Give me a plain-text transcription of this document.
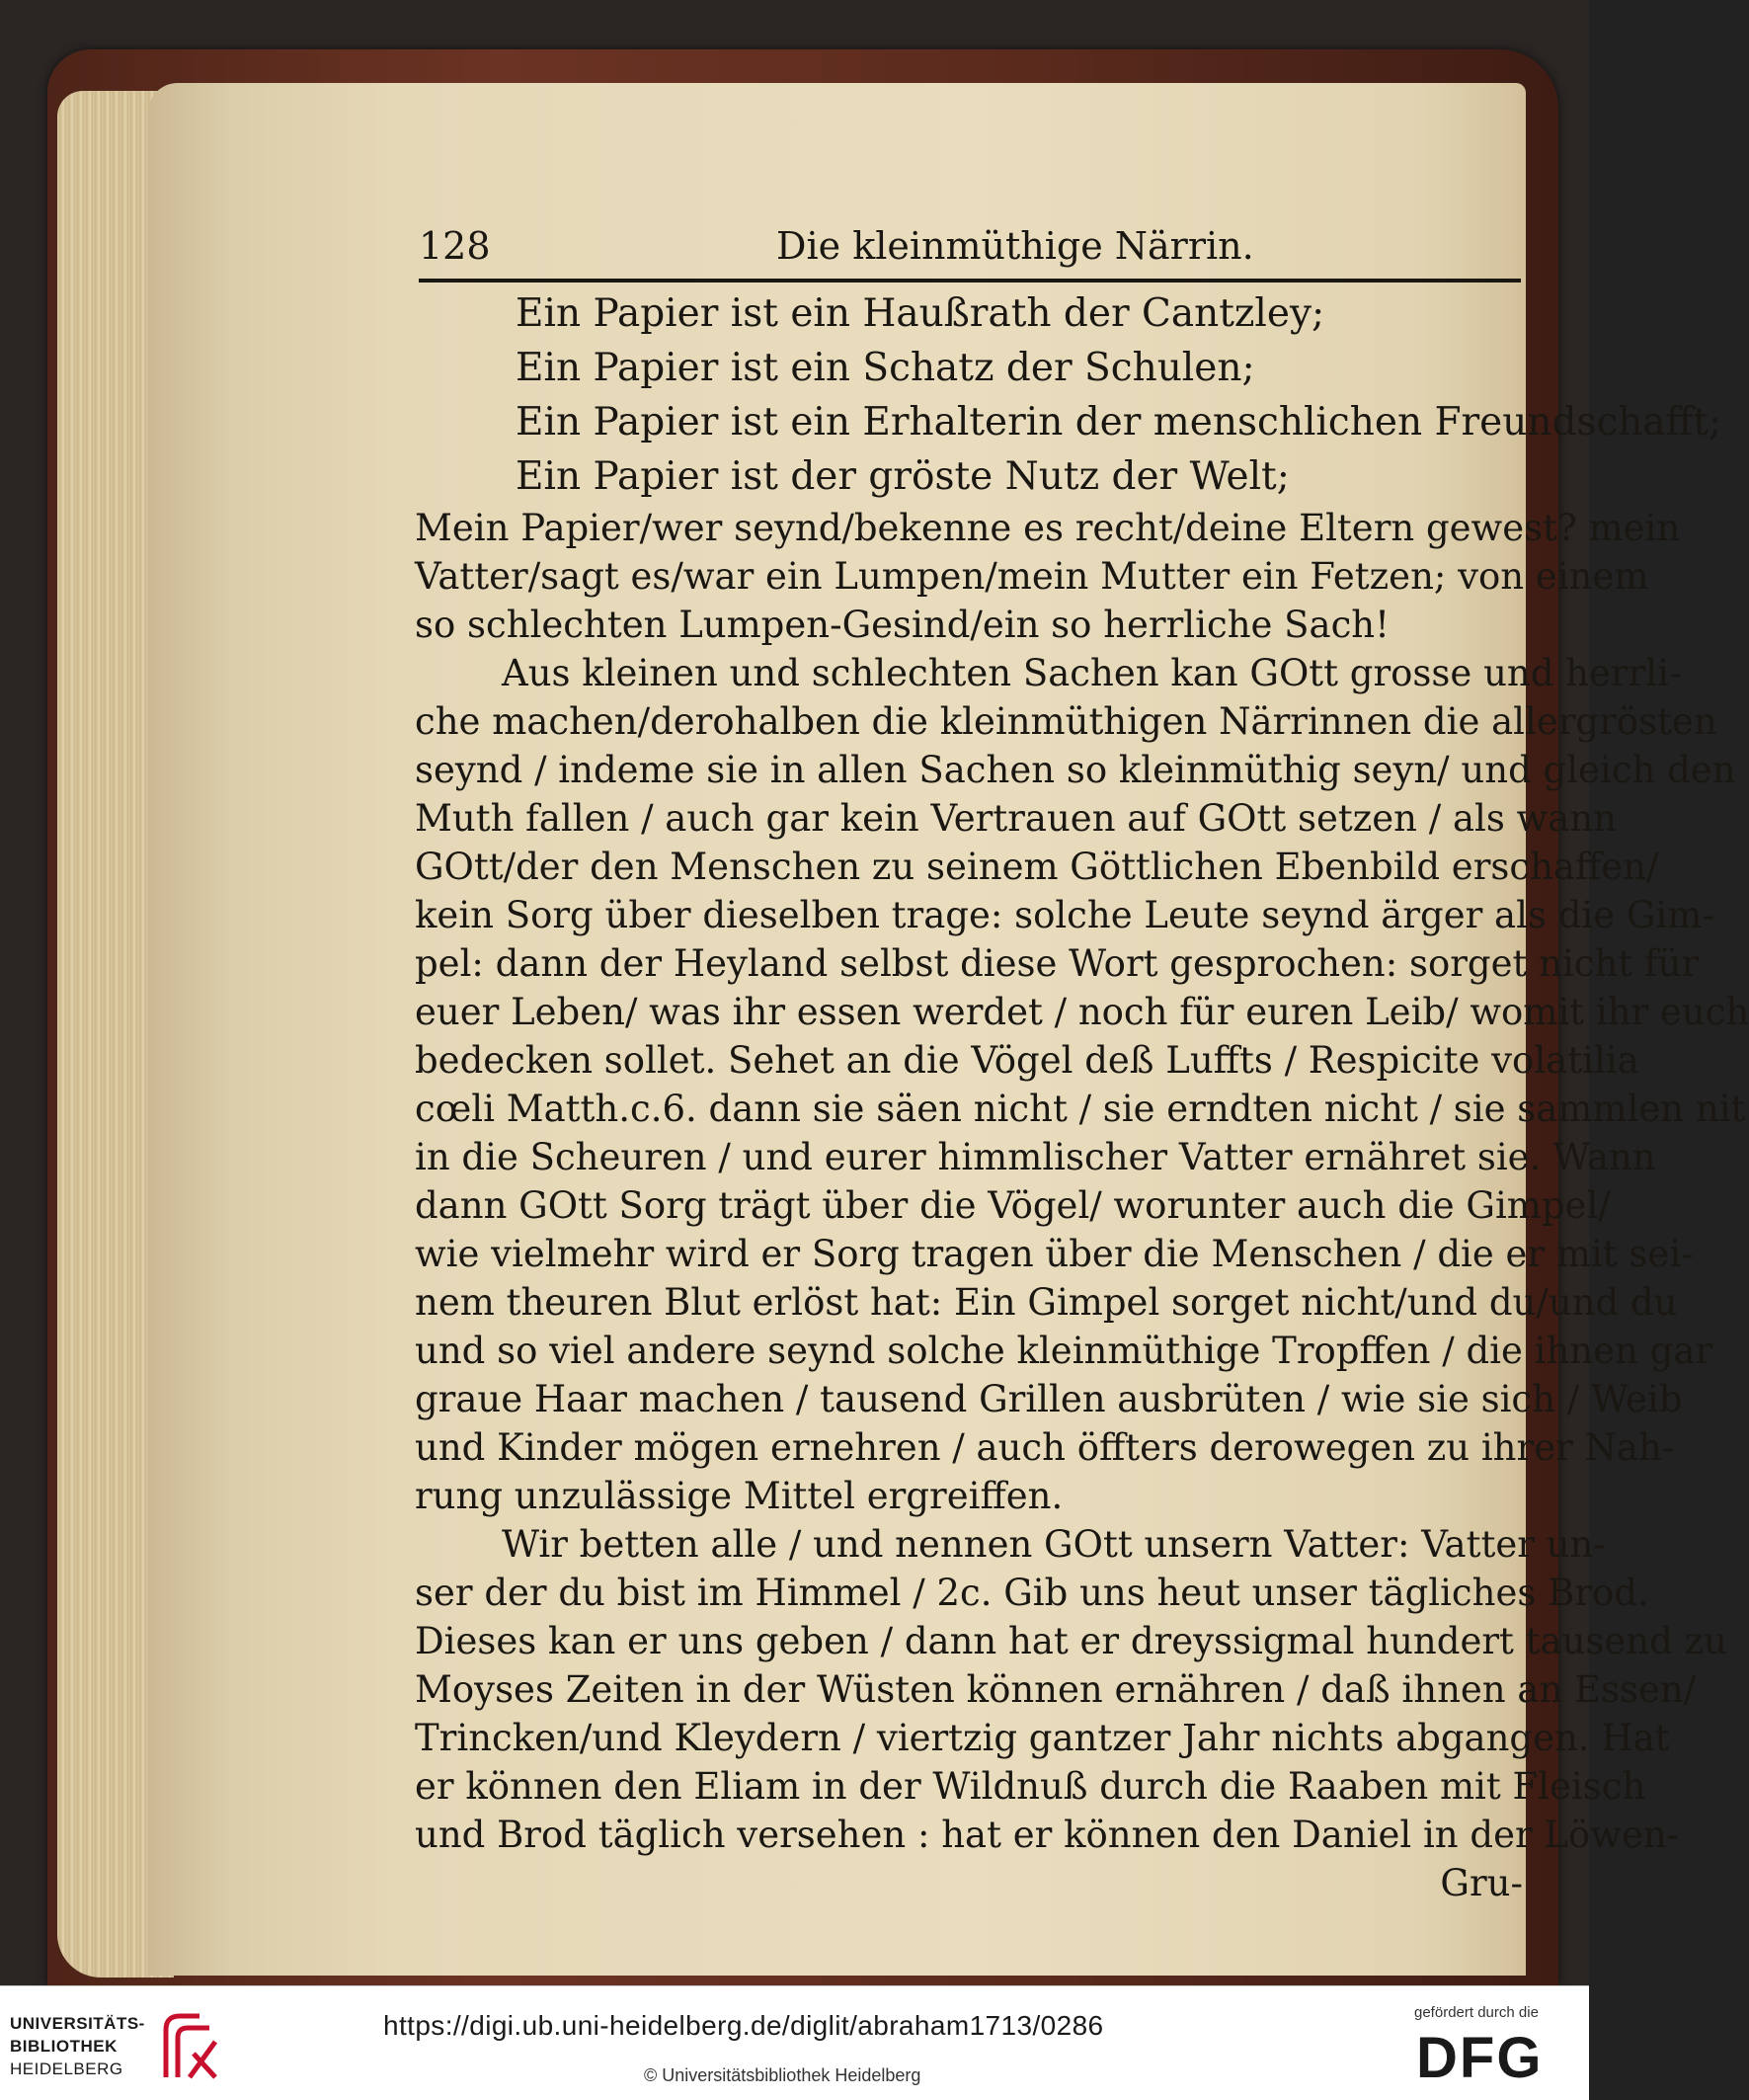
128	Die kleinmüthige Närrin.
Ein Papier ist ein Haußrath der Cantzley;
Ein Papier ist ein Schatz der Schulen;
Ein Papier ist ein Erhalterin der menschlichen Freundschafft;
Ein Papier ist der gröste Nutz der Welt;
Mein Papier/wer seynd/bekenne es recht/deine Eltern gewest? mein
Vatter/sagt es/war ein Lumpen/mein Mutter ein Fetzen; von einem
so schlechten Lumpen-Gesind/ein so herrliche Sach!
Aus kleinen und schlechten Sachen kan GOtt grosse und herrli-
che machen/derohalben die kleinmüthigen Närrinnen die allergrösten
seynd / indeme sie in allen Sachen so kleinmüthig seyn/ und gleich den
Muth fallen / auch gar kein Vertrauen auf GOtt setzen / als wann
GOtt/der den Menschen zu seinem Göttlichen Ebenbild erschaffen/
kein Sorg über dieselben trage: solche Leute seynd ärger als die Gim-
pel: dann der Heyland selbst diese Wort gesprochen: sorget nicht für
euer Leben/ was ihr essen werdet / noch für euren Leib/ womit ihr euch
bedecken sollet. Sehet an die Vögel deß Luffts / Respicite volatilia
cœli Matth.c.6. dann sie säen nicht / sie erndten nicht / sie sammlen nit
in die Scheuren / und eurer himmlischer Vatter ernähret sie. Wann
dann GOtt Sorg trägt über die Vögel/ worunter auch die Gimpel/
wie vielmehr wird er Sorg tragen über die Menschen / die er mit sei-
nem theuren Blut erlöst hat: Ein Gimpel sorget nicht/und du/und du
und so viel andere seynd solche kleinmüthige Tropffen / die ihnen gar
graue Haar machen / tausend Grillen ausbrüten / wie sie sich / Weib
und Kinder mögen ernehren / auch öffters derowegen zu ihrer Nah-
rung unzulässige Mittel ergreiffen.
Wir betten alle / und nennen GOtt unsern Vatter: Vatter un-
ser der du bist im Himmel / 2c. Gib uns heut unser tägliches Brod.
Dieses kan er uns geben / dann hat er dreyssigmal hundert tausend zu
Moyses Zeiten in der Wüsten können ernähren / daß ihnen an Essen/
Trincken/und Kleydern / viertzig gantzer Jahr nichts abgangen. Hat
er können den Eliam in der Wildnuß durch die Raaben mit Fleisch
und Brod täglich versehen : hat er können den Daniel in der Löwen-
Gru-
UNIVERSITÄTS-
BIBLIOTHEK
HEIDELBERG
https://digi.ub.uni-heidelberg.de/diglit/abraham1713/0286
© Universitätsbibliothek Heidelberg
gefördert durch die
DFG
